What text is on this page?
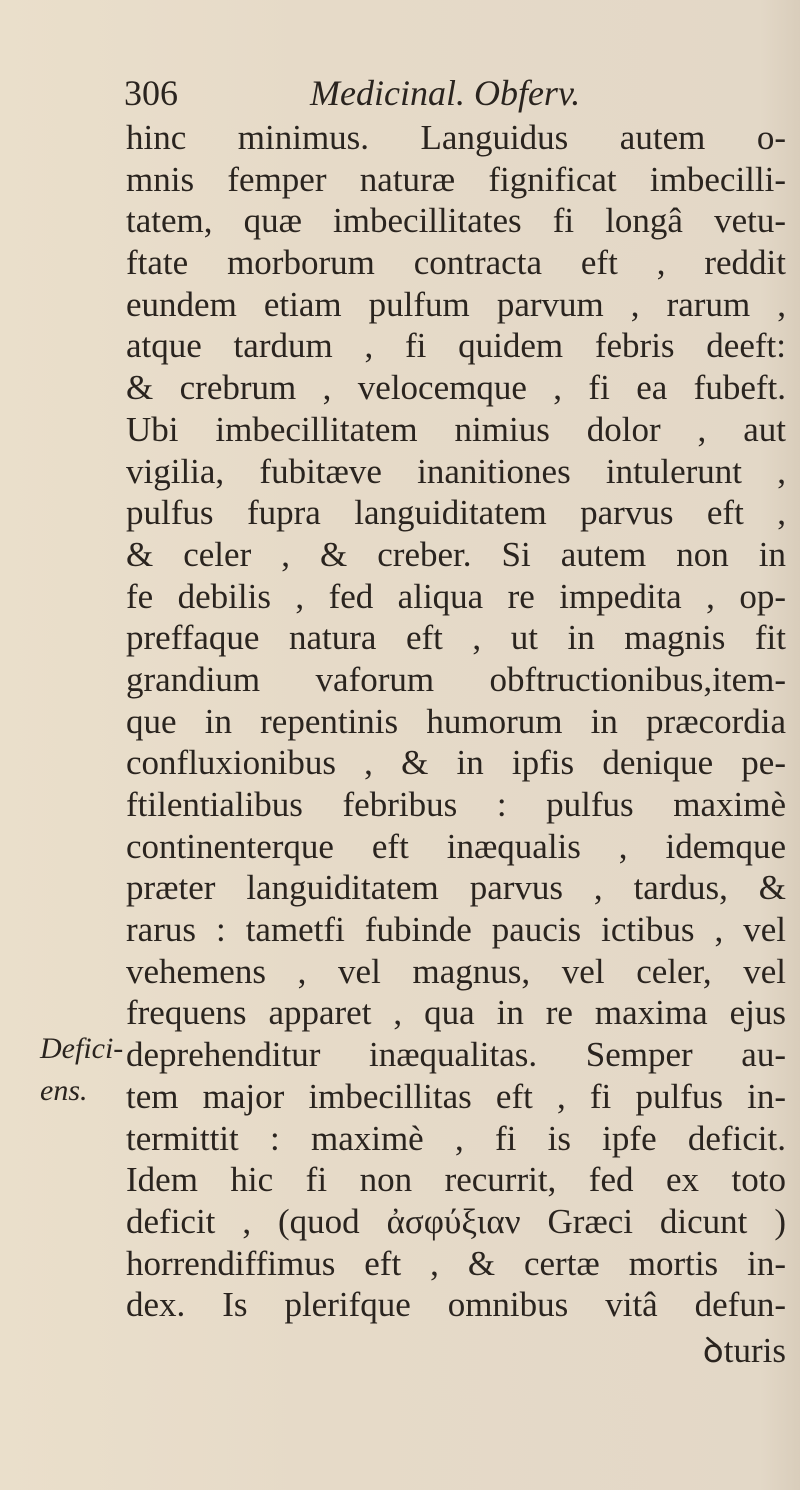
306	Medicinal. Obferv.
hinc minimus. Languidus autem o-
mnis femper naturæ fignificat imbecilli-
tatem, quæ imbecillitates fi longâ vetu-
ftate morborum contracta eft , reddit
eundem etiam pulfum parvum , rarum ,
atque tardum , fi quidem febris deeft:
& crebrum , velocemque , fi ea fubeft.
Ubi imbecillitatem nimius dolor , aut
vigilia, fubitæve inanitiones intulerunt ,
pulfus fupra languiditatem parvus eft ,
& celer , & creber. Si autem non in
fe debilis , fed aliqua re impedita , op-
preffaque natura eft , ut in magnis fit
grandium vaforum obftructionibus,item-
que in repentinis humorum in præcordia
confluxionibus , & in ipfis denique pe-
ftilentialibus febribus : pulfus maximè
continenterque eft inæqualis , idemque
præter languiditatem parvus , tardus, &
rarus : tametfi fubinde paucis ictibus , vel
vehemens , vel magnus, vel celer, vel
frequens apparet , qua in re maxima ejus
deprehenditur inæqualitas. Semper au-
tem major imbecillitas eft , fi pulfus in-
termittit : maximè , fi is ipfe deficit.
Idem hic fi non recurrit, fed ex toto
deficit , (quod ἀσφύξιαν Græci dicunt )
horrendiffimus eft , & certæ mortis in-
dex. Is plerifque omnibus vitâ defun-
Defici-
ens.
ꝺturis
